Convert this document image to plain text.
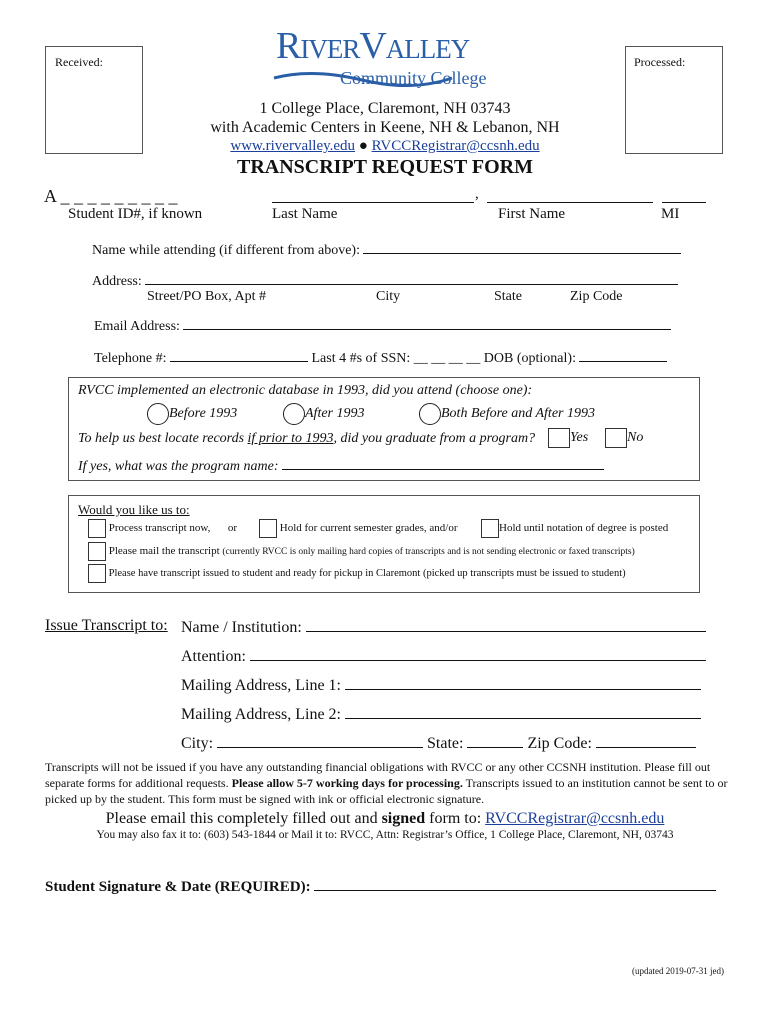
Received:	Processed:
RiverValley
Community College
1 College Place, Claremont, NH 03743
with Academic Centers in Keene, NH & Lebanon, NH
www.rivervalley.edu ● RVCCRegistrar@ccsnh.edu
TRANSCRIPT REQUEST FORM
A _ _ _ _ _ _ _ _ _	,
Student ID#, if known	Last Name	First Name	MI
Name while attending (if different from above):
Address:
Street/PO Box, Apt #	City	State	Zip Code
Email Address:
Telephone #:	Last 4 #s of SSN: __ __ __ __ DOB (optional):
RVCC implemented an electronic database in 1993, did you attend (choose one):
Before 1993	After 1993	Both Before and After 1993
To help us best locate records if prior to 1993, did you graduate from a program?	Yes	No
If yes, what was the program name:
Would you like us to:
Process transcript now, or	Hold for current semester grades, and/or	Hold until notation of degree is posted
Please mail the transcript (currently RVCC is only mailing hard copies of transcripts and is not sending electronic or faxed transcripts)
Please have transcript issued to student and ready for pickup in Claremont (picked up transcripts must be issued to student)
Issue Transcript to: Name / Institution:
Attention:
Mailing Address, Line 1:
Mailing Address, Line 2:
City:	State:	Zip Code:
Transcripts will not be issued if you have any outstanding financial obligations with RVCC or any other CCSNH institution. Please fill out separate forms for additional requests. Please allow 5-7 working days for processing. Transcripts issued to an institution cannot be sent to or picked up by the student. This form must be signed with ink or official electronic signature.
Please email this completely filled out and signed form to: RVCCRegistrar@ccsnh.edu
You may also fax it to: (603) 543-1844 or Mail it to: RVCC, Attn: Registrar’s Office, 1 College Place, Claremont, NH, 03743
Student Signature & Date (REQUIRED):
(updated 2019-07-31 jed)
